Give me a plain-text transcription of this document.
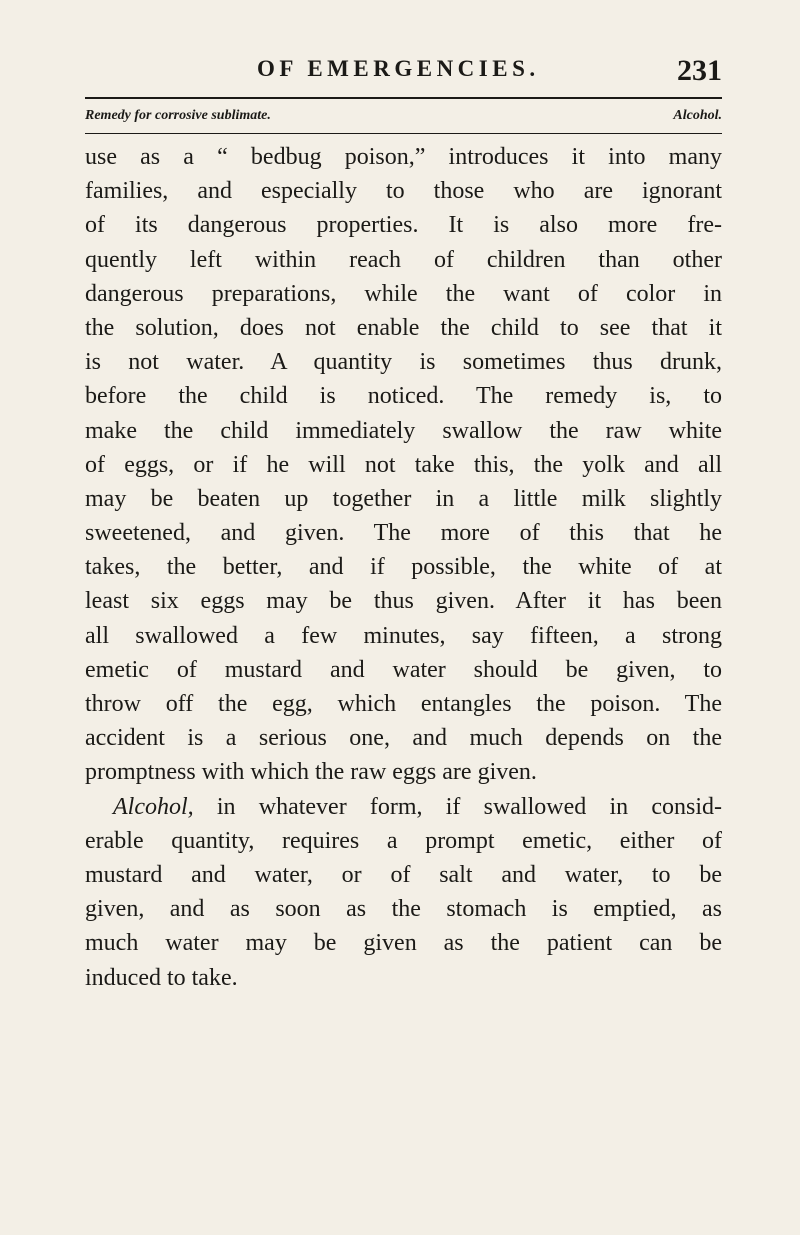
OF EMERGENCIES.	231
Remedy for corrosive sublimate.	Alcohol.
use as a “ bedbug poison,” introduces it into many
families, and especially to those who are ignorant
of its dangerous properties. It is also more fre-
quently left within reach of children than other
dangerous preparations, while the want of color in
the solution, does not enable the child to see that it
is not water. A quantity is sometimes thus drunk,
before the child is noticed. The remedy is, to
make the child immediately swallow the raw white
of eggs, or if he will not take this, the yolk and all
may be beaten up together in a little milk slightly
sweetened, and given. The more of this that he
takes, the better, and if possible, the white of at
least six eggs may be thus given. After it has been
all swallowed a few minutes, say fifteen, a strong
emetic of mustard and water should be given, to
throw off the egg, which entangles the poison. The
accident is a serious one, and much depends on the
promptness with which the raw eggs are given.
Alcohol, in whatever form, if swallowed in consid-
erable quantity, requires a prompt emetic, either of
mustard and water, or of salt and water, to be
given, and as soon as the stomach is emptied, as
much water may be given as the patient can be
induced to take.
